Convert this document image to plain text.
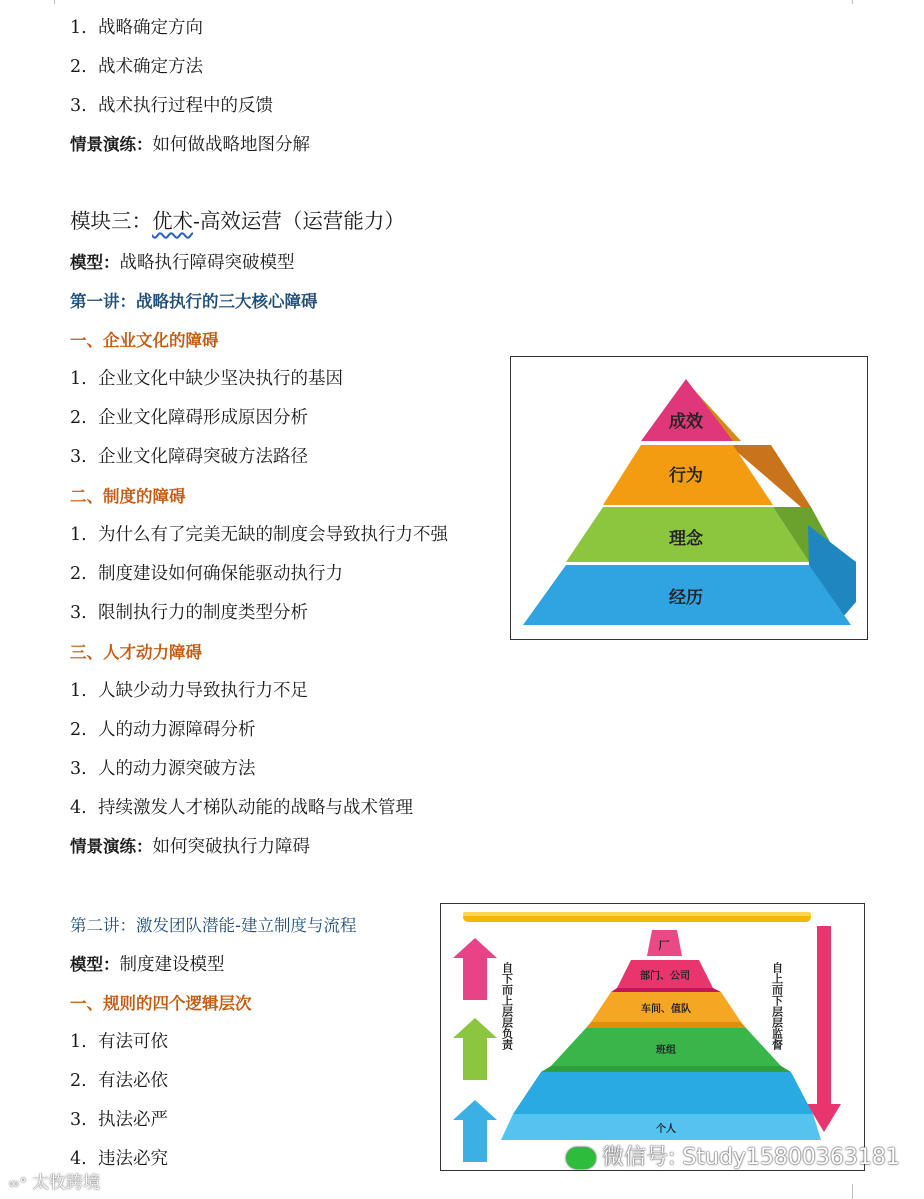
1. 战略确定方向
2. 战术确定方法
3. 战术执行过程中的反馈
情景演练：如何做战略地图分解
模块三：优术-高效运营（运营能力）
模型：战略执行障碍突破模型
第一讲：战略执行的三大核心障碍
一、企业文化的障碍
1. 企业文化中缺少坚决执行的基因
2. 企业文化障碍形成原因分析
3. 企业文化障碍突破方法路径
二、制度的障碍
1. 为什么有了完美无缺的制度会导致执行力不强
2. 制度建设如何确保能驱动执行力
3. 限制执行力的制度类型分析
三、人才动力障碍
1. 人缺少动力导致执行力不足
2. 人的动力源障碍分析
3. 人的动力源突破方法
4. 持续激发人才梯队动能的战略与战术管理
情景演练：如何突破执行力障碍
第二讲：激发团队潜能-建立制度与流程
模型：制度建设模型
一、规则的四个逻辑层次
1. 有法可依
2. 有法必依
3. 执法必严
4. 违法必究
成效
行为
理念
经历
厂
部门、公司
车间、值队
班组
个人
自下而上层层负责	自上而下层层监督
∞° 太牧跨境
微信号: Study15800363181
